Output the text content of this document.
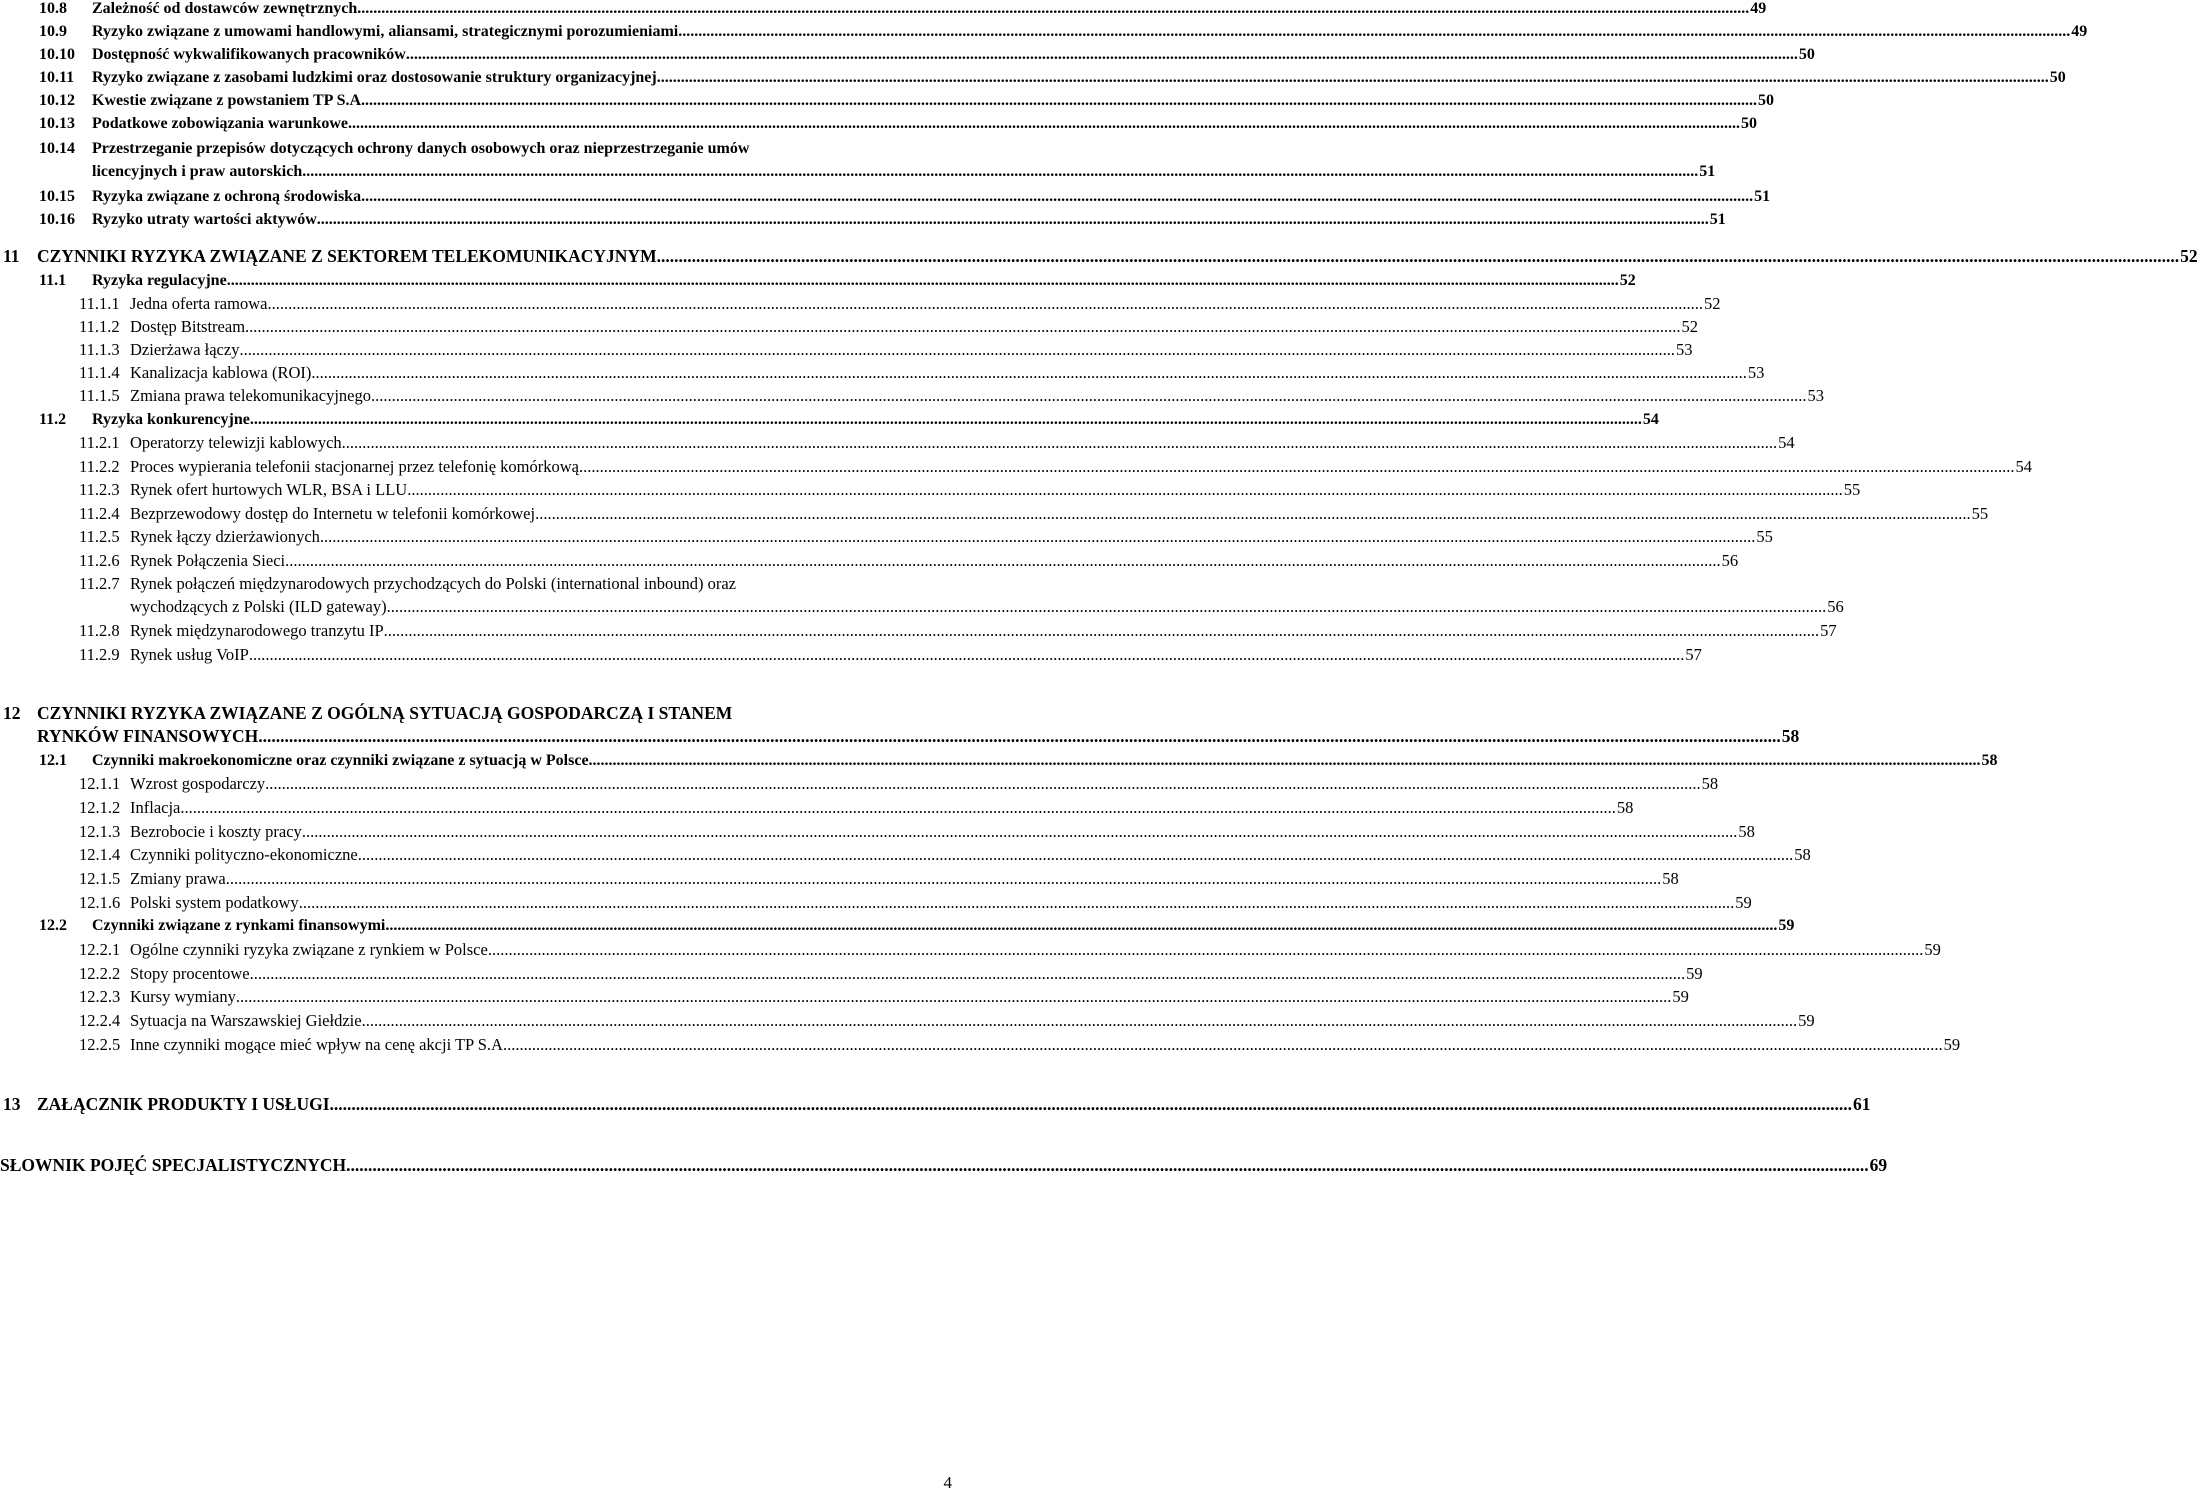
10.8 Zależność od dostawców zewnętrznych .....	49
10.9 Ryzyko związane z umowami handlowymi, aliansami, strategicznymi porozumieniami .....	49
10.10 Dostępność wykwalifikowanych pracowników .....	50
10.11 Ryzyko związane z zasobami ludzkimi oraz dostosowanie struktury organizacyjnej .....	50
10.12 Kwestie związane z powstaniem TP S.A. .....	50
10.13 Podatkowe zobowiązania warunkowe .....	50
10.14 Przestrzeganie przepisów dotyczących ochrony danych osobowych oraz nieprzestrzeganie umów
licencyjnych i praw autorskich. .....	51
10.15 Ryzyka związane z ochroną środowiska .....	51
10.16 Ryzyko utraty wartości aktywów .....	51
11 CZYNNIKI RYZYKA ZWIĄZANE Z SEKTOREM TELEKOMUNIKACYJNYM .....	52
11.1 Ryzyka regulacyjne .....	52
11.1.1 Jedna oferta ramowa .....	52
11.1.2 Dostęp Bitstream .....	52
11.1.3 Dzierżawa łączy .....	53
11.1.4 Kanalizacja kablowa (ROI) .....	53
11.1.5 Zmiana prawa telekomunikacyjnego .....	53
11.2 Ryzyka konkurencyjne .....	54
11.2.1 Operatorzy telewizji kablowych .....	54
11.2.2 Proces wypierania telefonii stacjonarnej przez telefonię komórkową .....	54
11.2.3 Rynek ofert hurtowych WLR, BSA i LLU .....	55
11.2.4 Bezprzewodowy dostęp do Internetu w telefonii komórkowej .....	55
11.2.5 Rynek łączy dzierżawionych .....	55
11.2.6 Rynek Połączenia Sieci .....	56
11.2.7 Rynek połączeń międzynarodowych przychodzących do Polski (international inbound) oraz
wychodzących z Polski (ILD gateway). .....	56
11.2.8 Rynek międzynarodowego tranzytu IP .....	57
11.2.9 Rynek usług VoIP .....	57
12 CZYNNIKI RYZYKA ZWIĄZANE Z OGÓLNĄ SYTUACJĄ GOSPODARCZĄ I STANEM
RYNKÓW FINANSOWYCH .....	58
12.1 Czynniki makroekonomiczne oraz czynniki związane z sytuacją w Polsce .....	58
12.1.1 Wzrost gospodarczy .....	58
12.1.2 Inflacja .....	58
12.1.3 Bezrobocie i koszty pracy .....	58
12.1.4 Czynniki polityczno-ekonomiczne .....	58
12.1.5 Zmiany prawa .....	58
12.1.6 Polski system podatkowy .....	59
12.2 Czynniki związane z rynkami finansowymi .....	59
12.2.1 Ogólne czynniki ryzyka związane z rynkiem w Polsce .....	59
12.2.2 Stopy procentowe .....	59
12.2.3 Kursy wymiany .....	59
12.2.4 Sytuacja na Warszawskiej Giełdzie .....	59
12.2.5 Inne czynniki mogące mieć wpływ na cenę akcji TP S.A. .....	59
13 ZAŁĄCZNIK PRODUKTY I USŁUGI .....	61
SŁOWNIK POJĘĆ SPECJALISTYCZNYCH .....	69
4
